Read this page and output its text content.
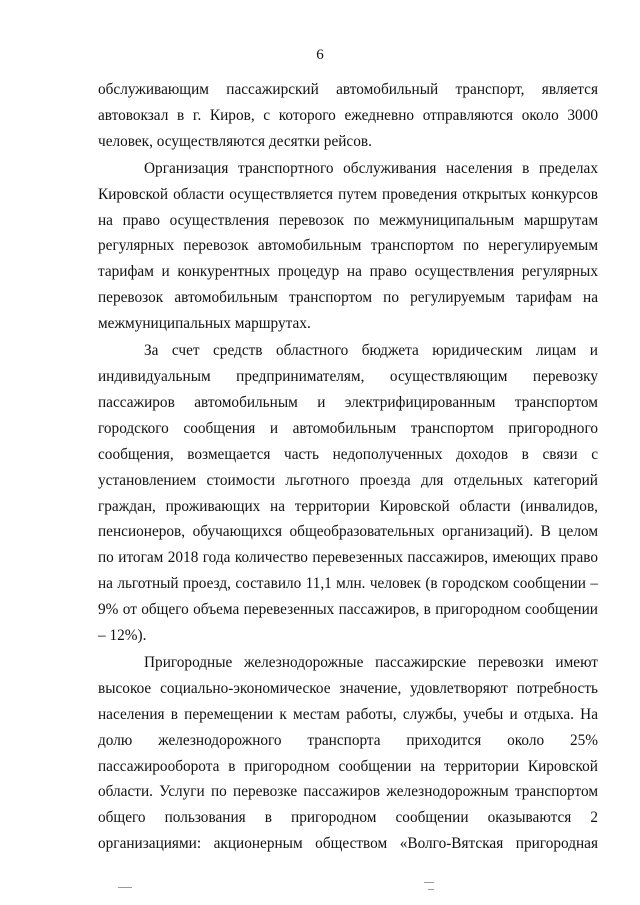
6

обслуживающим пассажирский автомобильный транспорт, является автовокзал в г. Киров, с которого ежедневно отправляются около 3000 человек, осуществляются десятки рейсов.

Организация транспортного обслуживания населения в пределах Кировской области осуществляется путем проведения открытых конкурсов на право осуществления перевозок по межмуниципальным маршрутам регулярных перевозок автомобильным транспортом по нерегулируемым тарифам и конкурентных процедур на право осуществления регулярных перевозок автомобильным транспортом по регулируемым тарифам на межмуниципальных маршрутах.

За счет средств областного бюджета юридическим лицам и индивидуальным предпринимателям, осуществляющим перевозку пассажиров автомобильным и электрифицированным транспортом городского сообщения и автомобильным транспортом пригородного сообщения, возмещается часть недополученных доходов в связи с установлением стоимости льготного проезда для отдельных категорий граждан, проживающих на территории Кировской области (инвалидов, пенсионеров, обучающихся общеобразовательных организаций). В целом по итогам 2018 года количество перевезенных пассажиров, имеющих право на льготный проезд, составило 11,1 млн. человек (в городском сообщении – 9% от общего объема перевезенных пассажиров, в пригородном сообщении – 12%).

Пригородные железнодорожные пассажирские перевозки имеют высокое социально-экономическое значение, удовлетворяют потребность населения в перемещении к местам работы, службы, учебы и отдыха. На долю железнодорожного транспорта приходится около 25% пассажирооборота в пригородном сообщении на территории Кировской области. Услуги по перевозке пассажиров железнодорожным транспортом общего пользования в пригородном сообщении оказываются 2 организациями: акционерным обществом «Волго-Вятская пригородная
